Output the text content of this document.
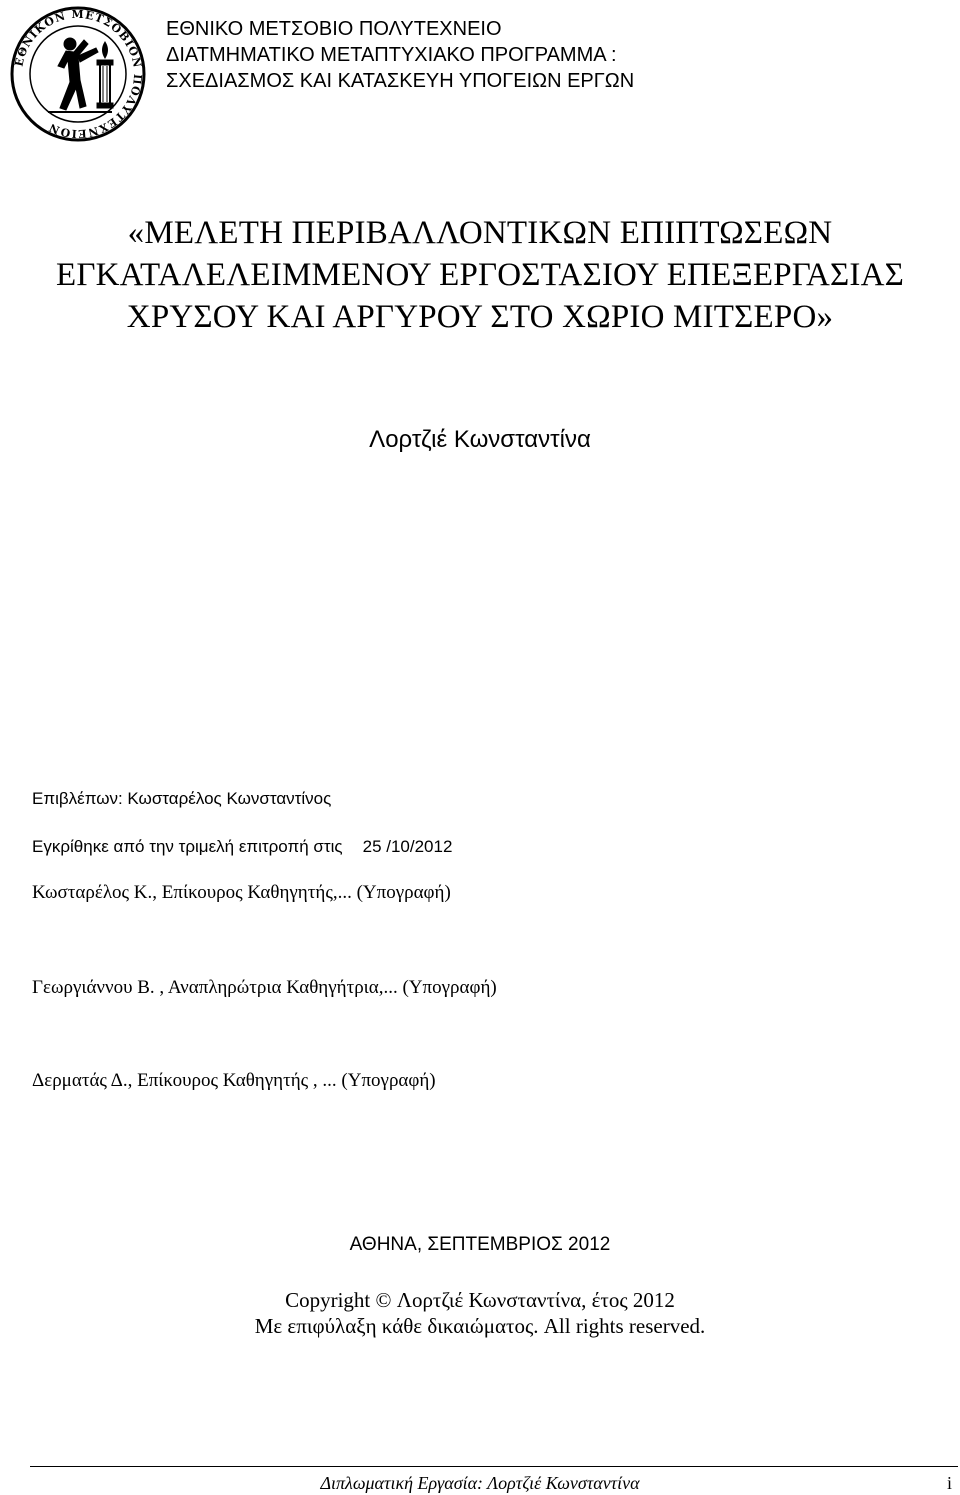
ΕΘΝΙΚΟΝ ΜΕΤΣΟΒΙΟΝ ΠΟΛΥΤΕΧΝΕΙΟΝ
ΕΘΝΙΚΟ ΜΕΤΣΟΒΙΟ ΠΟΛΥΤΕΧΝΕΙΟ
ΔΙΑΤΜΗΜΑΤΙΚΟ ΜΕΤΑΠΤΥΧΙΑΚΟ ΠΡΟΓΡΑΜΜΑ :
ΣΧΕΔΙΑΣΜΟΣ ΚΑΙ ΚΑΤΑΣΚΕΥΗ ΥΠΟΓΕΙΩΝ ΕΡΓΩΝ
«ΜΕΛΕΤΗ ΠΕΡΙΒΑΛΛΟΝΤΙΚΩΝ ΕΠΙΠΤΩΣΕΩΝ
ΕΓΚΑΤΑΛΕΛΕΙΜΜΕΝΟΥ ΕΡΓΟΣΤΑΣΙΟΥ ΕΠΕΞΕΡΓΑΣΙΑΣ
ΧΡΥΣΟΥ ΚΑΙ ΑΡΓΥΡΟΥ ΣΤΟ ΧΩΡΙΟ ΜΙΤΣΕΡΟ»
Λορτζιέ Κωνσταντίνα
Επιβλέπων: Κωσταρέλος Κωνσταντίνος
Εγκρίθηκε από την τριμελή επιτροπή στις 25 /10/2012
Κωσταρέλος Κ., Επίκουρος Καθηγητής,... (Υπογραφή)
Γεωργιάννου Β. , Αναπληρώτρια Καθηγήτρια,... (Υπογραφή)
Δερματάς Δ., Επίκουρος Καθηγητής , ... (Υπογραφή)
ΑΘΗΝΑ, ΣΕΠΤΕΜΒΡΙΟΣ 2012
Copyright © Λορτζιέ Κωνσταντίνα, έτος 2012
Με επιφύλαξη κάθε δικαιώματος. All rights reserved.
Διπλωματική Εργασία: Λορτζιέ Κωνσταντίνα	i
